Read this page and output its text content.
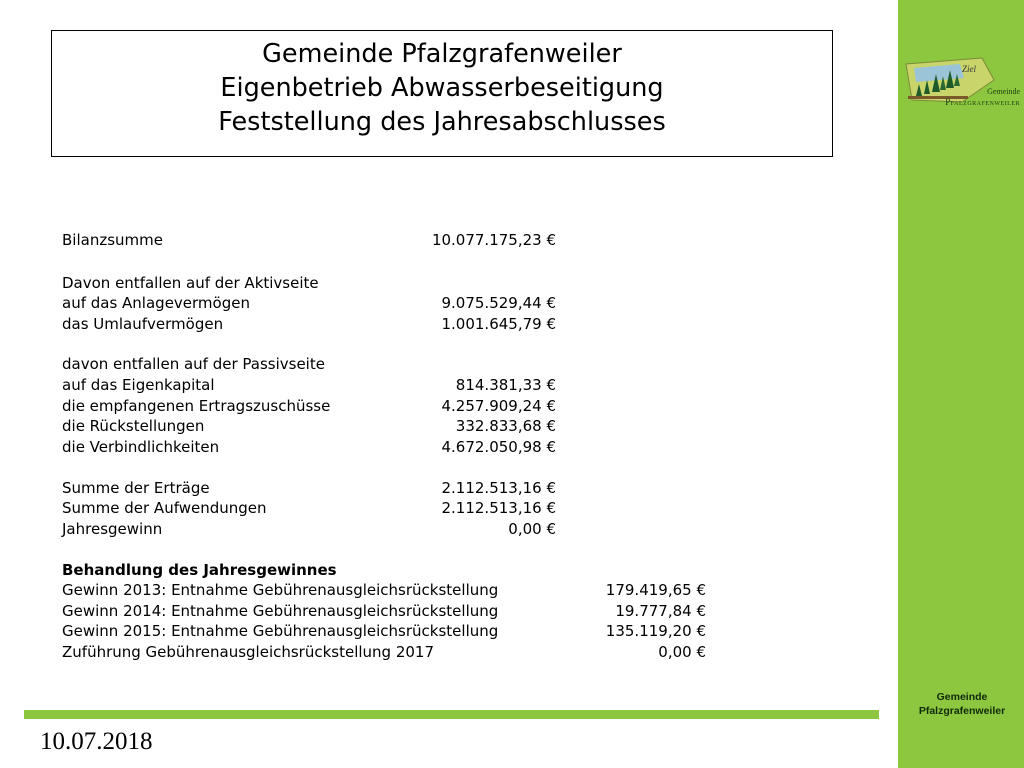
Ziel
Gemeinde
Pfalzgrafenweiler
Gemeinde Pfalzgrafenweiler
Eigenbetrieb Abwasserbeseitigung
Feststellung des Jahresabschlusses
Bilanzsumme	10.077.175,23 €
Davon entfallen auf der Aktivseite
auf das Anlagevermögen	9.075.529,44 €
das Umlaufvermögen	1.001.645,79 €
davon entfallen auf der Passivseite
auf das Eigenkapital	814.381,33 €
die empfangenen Ertragszuschüsse	4.257.909,24 €
die Rückstellungen	332.833,68 €
die Verbindlichkeiten	4.672.050,98 €
Summe der Erträge	2.112.513,16 €
Summe der Aufwendungen	2.112.513,16 €
Jahresgewinn	0,00 €
Behandlung des Jahresgewinnes
Gewinn 2013: Entnahme Gebührenausgleichsrückstellung	179.419,65 €
Gewinn 2014: Entnahme Gebührenausgleichsrückstellung	19.777,84 €
Gewinn 2015: Entnahme Gebührenausgleichsrückstellung	135.119,20 €
Zuführung Gebührenausgleichsrückstellung 2017	0,00 €
Gemeinde
Pfalzgrafenweiler
10.07.2018
